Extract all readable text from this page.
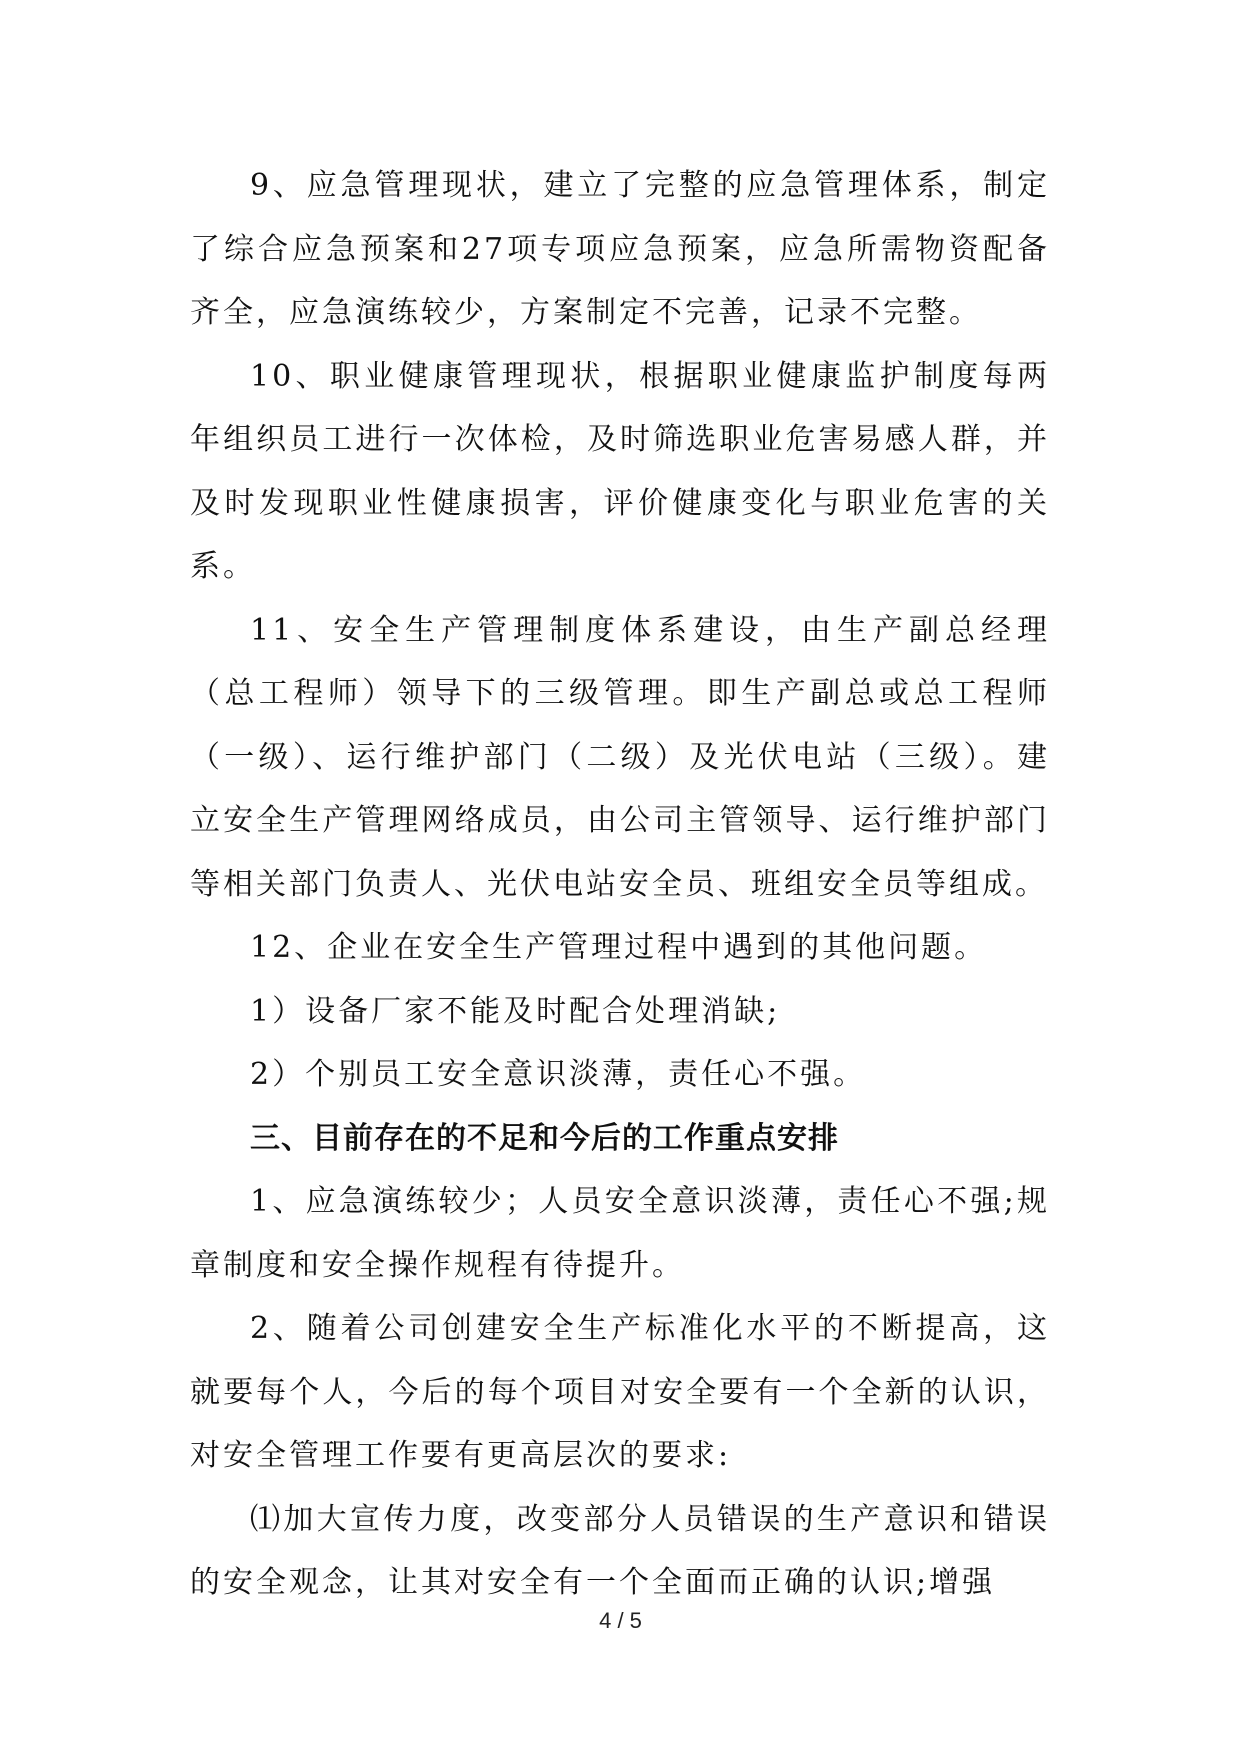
9、应急管理现状，建立了完整的应急管理体系，制定了综合应急预案和27项专项应急预案，应急所需物资配备齐全，应急演练较少，方案制定不完善，记录不完整。

10、职业健康管理现状，根据职业健康监护制度每两年组织员工进行一次体检，及时筛选职业危害易感人群，并及时发现职业性健康损害，评价健康变化与职业危害的关系。

11、安全生产管理制度体系建设，由生产副总经理（总工程师）领导下的三级管理。即生产副总或总工程师（一级）、运行维护部门（二级）及光伏电站（三级）。建立安全生产管理网络成员，由公司主管领导、运行维护部门等相关部门负责人、光伏电站安全员、班组安全员等组成。

12、企业在安全生产管理过程中遇到的其他问题。

1）设备厂家不能及时配合处理消缺;

2）个别员工安全意识淡薄，责任心不强。

三、目前存在的不足和今后的工作重点安排

1、应急演练较少；人员安全意识淡薄，责任心不强;规章制度和安全操作规程有待提升。

2、随着公司创建安全生产标准化水平的不断提高，这就要每个人，今后的每个项目对安全要有一个全新的认识，对安全管理工作要有更高层次的要求:

⑴加大宣传力度，改变部分人员错误的生产意识和错误的安全观念，让其对安全有一个全面而正确的认识;增强

4 / 5
